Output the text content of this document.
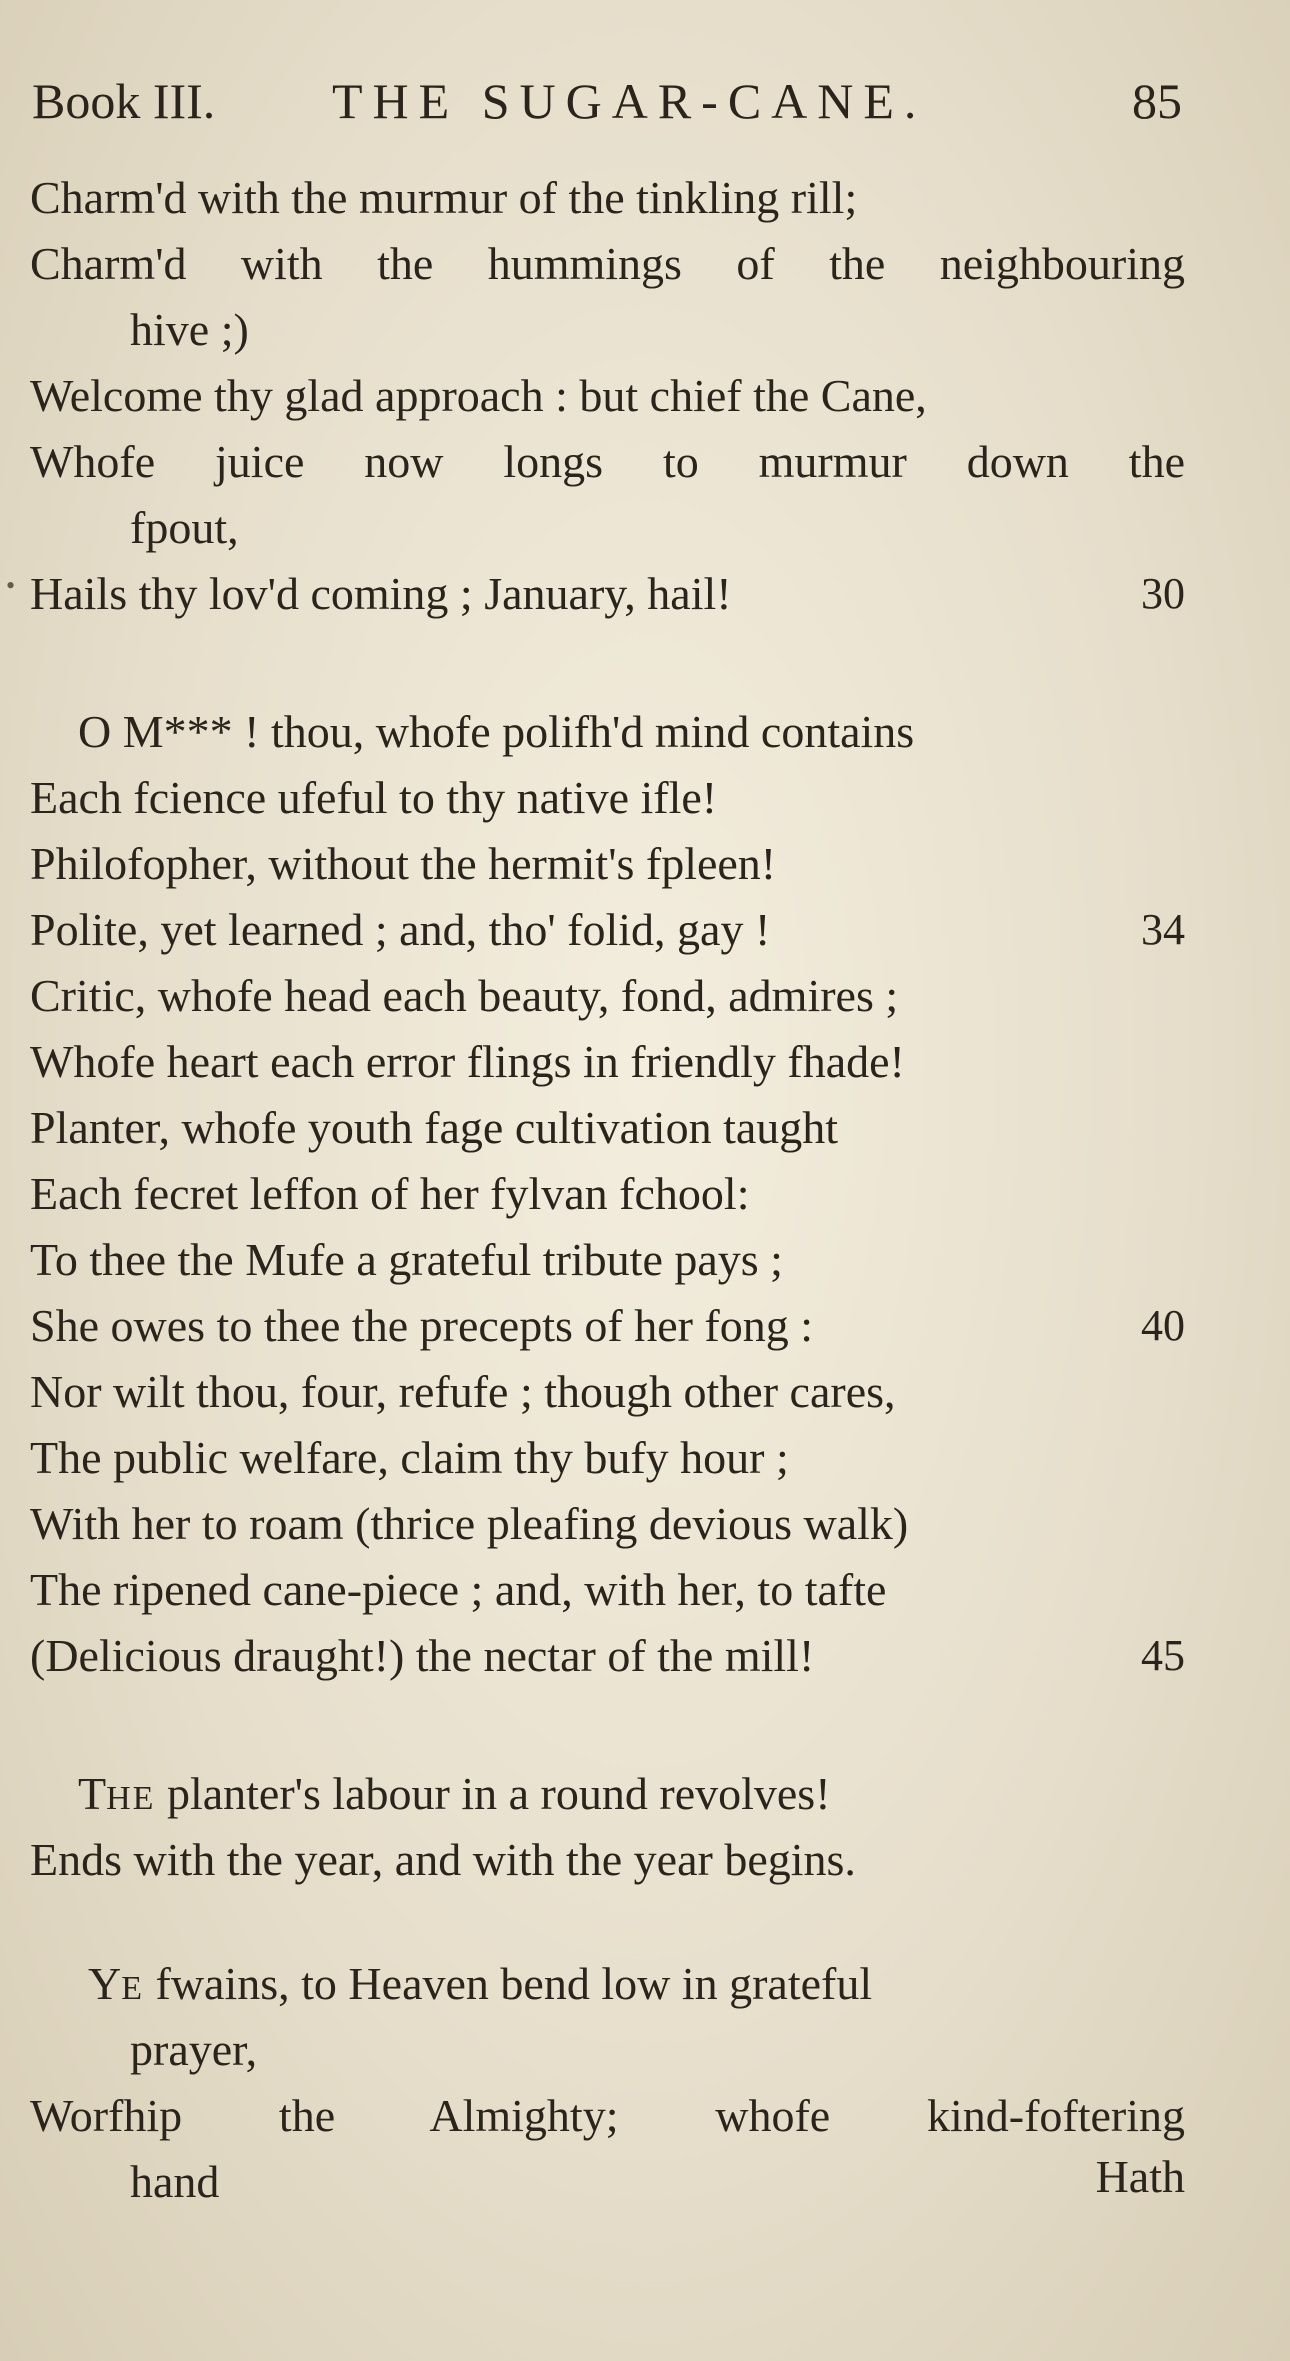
Book III. THE SUGAR-CANE.	85
•
Charm'd with the murmur of the tinkling rill;
Charm'd with the hummings of the neighbouring
hive ;)
Welcome thy glad approach : but chief the Cane,
Whofe juice now longs to murmur down the
fpout,
Hails thy lov'd coming ; January, hail!	30
O M*** ! thou, whofe polifh'd mind contains
Each fcience ufeful to thy native ifle!
Philofopher, without the hermit's fpleen!
Polite, yet learned ; and, tho' folid, gay !	34
Critic, whofe head each beauty, fond, admires ;
Whofe heart each error flings in friendly fhade!
Planter, whofe youth fage cultivation taught
Each fecret leffon of her fylvan fchool:
To thee the Mufe a grateful tribute pays ;
She owes to thee the precepts of her fong :	40
Nor wilt thou, four, refufe ; though other cares,
The public welfare, claim thy bufy hour ;
With her to roam (thrice pleafing devious walk)
The ripened cane-piece ; and, with her, to tafte
(Delicious draught!) the nectar of the mill!	45
THE planter's labour in a round revolves!
Ends with the year, and with the year begins.
YE fwains, to Heaven bend low in grateful
prayer,
Worfhip the Almighty; whofe kind-foftering
hand	Hath
